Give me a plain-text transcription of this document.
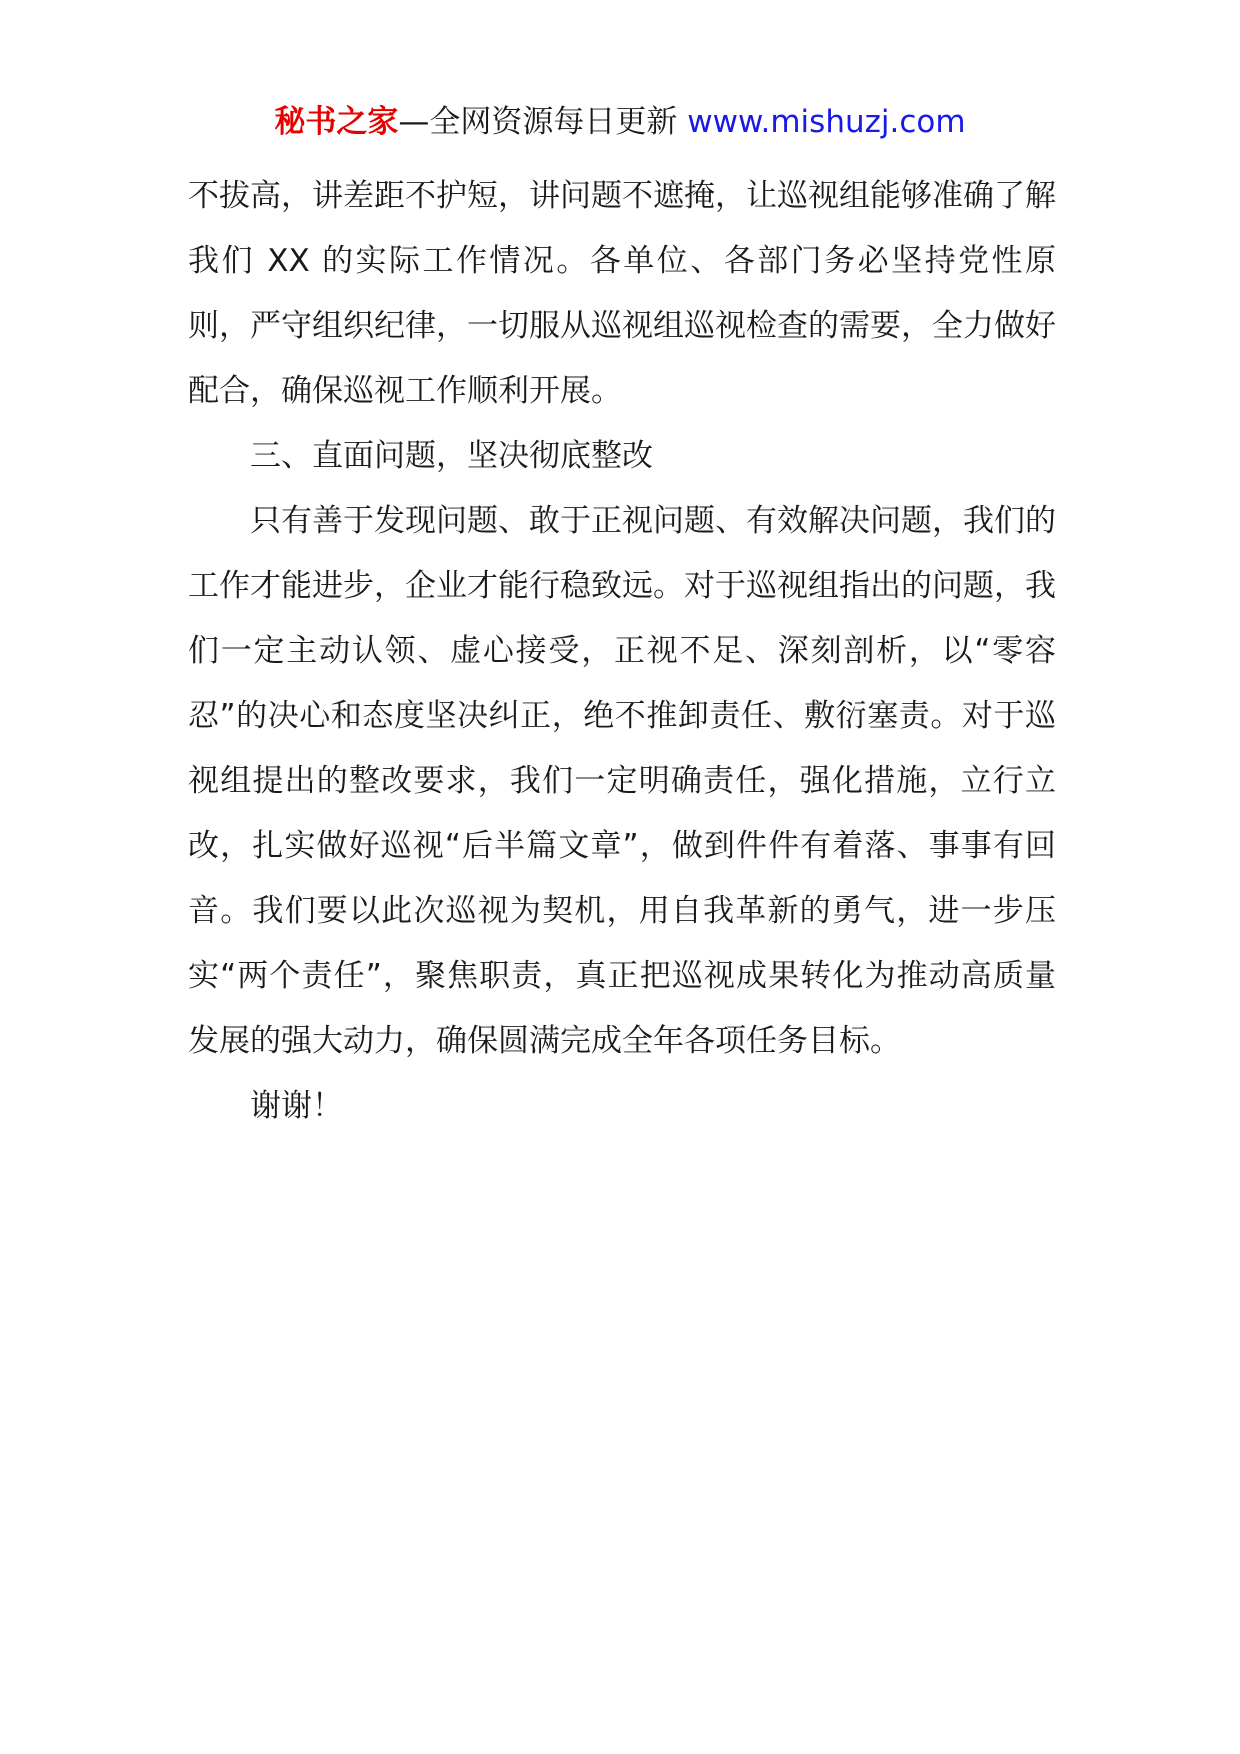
秘书之家—全网资源每日更新 www.mishuzj.com

不拔高，讲差距不护短，讲问题不遮掩，让巡视组能够准确了解我们 XX 的实际工作情况。各单位、各部门务必坚持党性原则，严守组织纪律，一切服从巡视组巡视检查的需要，全力做好配合，确保巡视工作顺利开展。

三、直面问题，坚决彻底整改

只有善于发现问题、敢于正视问题、有效解决问题，我们的工作才能进步，企业才能行稳致远。对于巡视组指出的问题，我们一定主动认领、虚心接受，正视不足、深刻剖析，以“零容忍”的决心和态度坚决纠正，绝不推卸责任、敷衍塞责。对于巡视组提出的整改要求，我们一定明确责任，强化措施，立行立改，扎实做好巡视“后半篇文章”，做到件件有着落、事事有回音。我们要以此次巡视为契机，用自我革新的勇气，进一步压实“两个责任”，聚焦职责，真正把巡视成果转化为推动高质量发展的强大动力，确保圆满完成全年各项任务目标。

谢谢！
